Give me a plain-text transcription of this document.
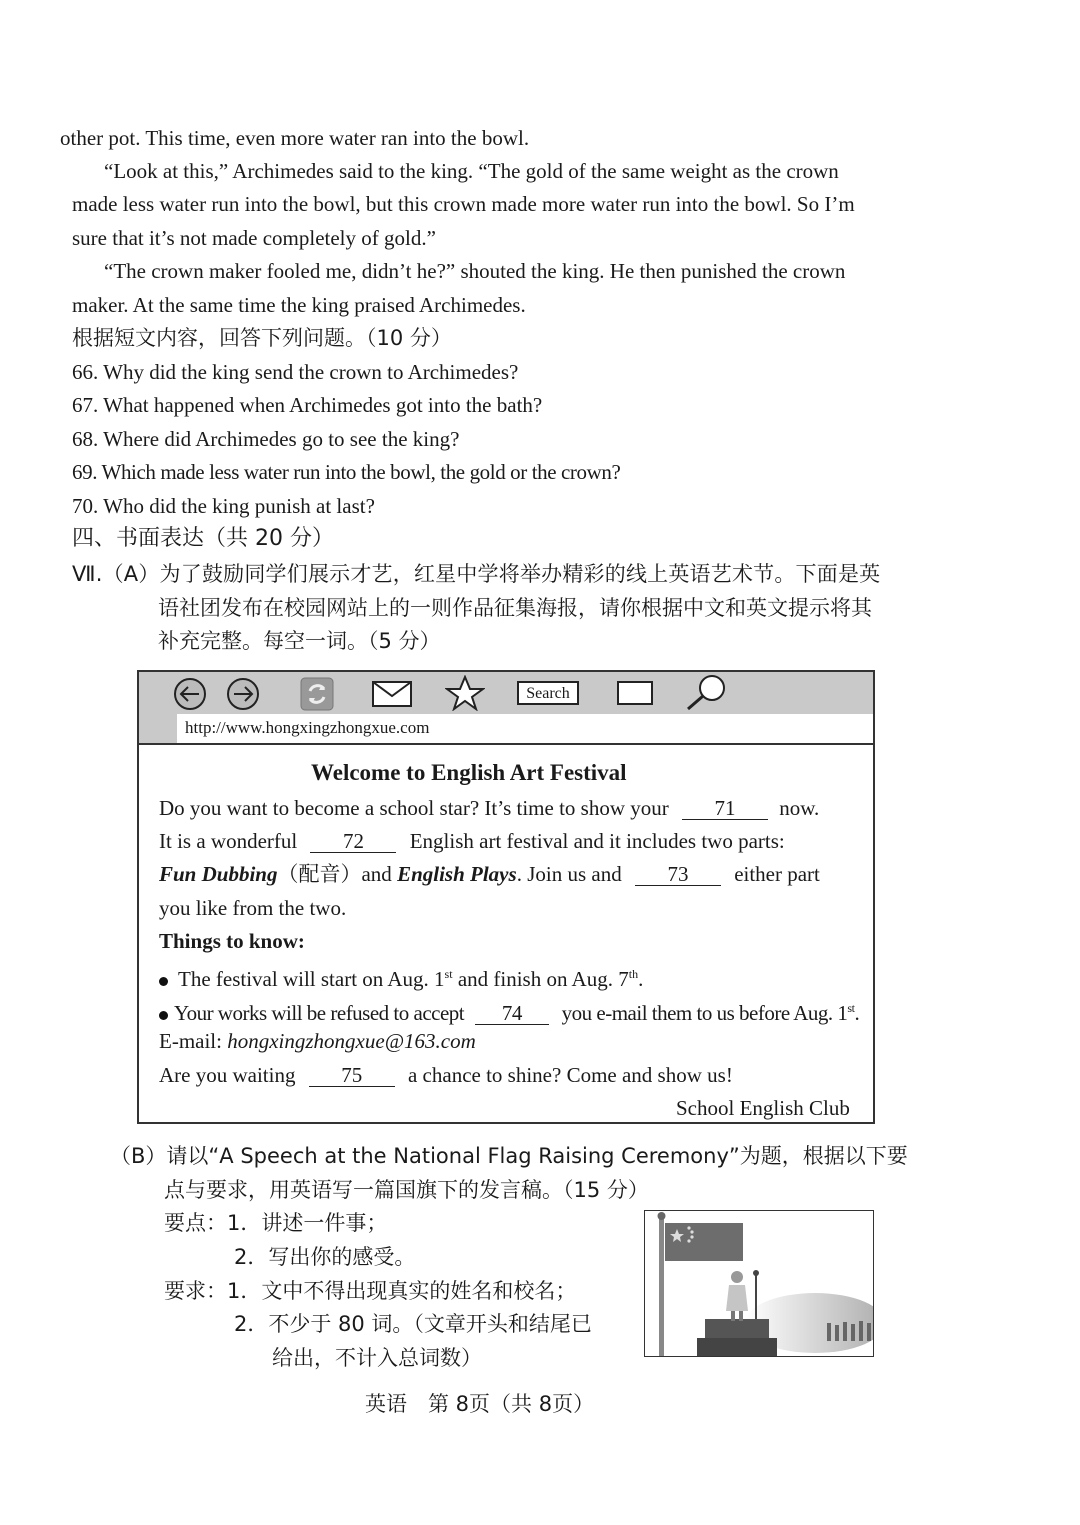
other pot. This time, even more water ran into the bowl.
“Look at this,” Archimedes said to the king. “The gold of the same weight as the crown
made less water run into the bowl, but this crown made more water run into the bowl. So I’m
sure that it’s not made completely of gold.”
“The crown maker fooled me, didn’t he?” shouted the king. He then punished the crown
maker. At the same time the king praised Archimedes.
根据短文内容，回答下列问题。（10 分）
66. Why did the king send the crown to Archimedes?
67. What happened when Archimedes got into the bath?
68. Where did Archimedes go to see the king?
69. Which made less water run into the bowl, the gold or the crown?
70. Who did the king punish at last?
四、书面表达（共 20 分）
Ⅶ.（A）为了鼓励同学们展示才艺，红星中学将举办精彩的线上英语艺术节。下面是英
语社团发布在校园网站上的一则作品征集海报，请你根据中文和英文提示将其
补充完整。每空一词。（5 分）
Search
http://www.hongxingzhongxue.com
Welcome to English Art Festival
Do you want to become a school star? It’s time to show your 71 now.
It is a wonderful 72 English art festival and it includes two parts:
Fun Dubbing（配音）and English Plays. Join us and 73 either part
you like from the two.
Things to know:
The festival will start on Aug. 1st and finish on Aug. 7th.
Your works will be refused to accept 74 you e-mail them to us before Aug. 1st.
E-mail: hongxingzhongxue@163.com
Are you waiting 75 a chance to shine? Come and show us!
School English Club
（B）请以“A Speech at the National Flag Raising Ceremony”为题，根据以下要
点与要求，用英语写一篇国旗下的发言稿。（15 分）
要点：1．讲述一件事；
2．写出你的感受。
要求：1．文中不得出现真实的姓名和校名；
2．不少于 80 词。（文章开头和结尾已
给出，不计入总词数）
英语　第 8页（共 8页）
